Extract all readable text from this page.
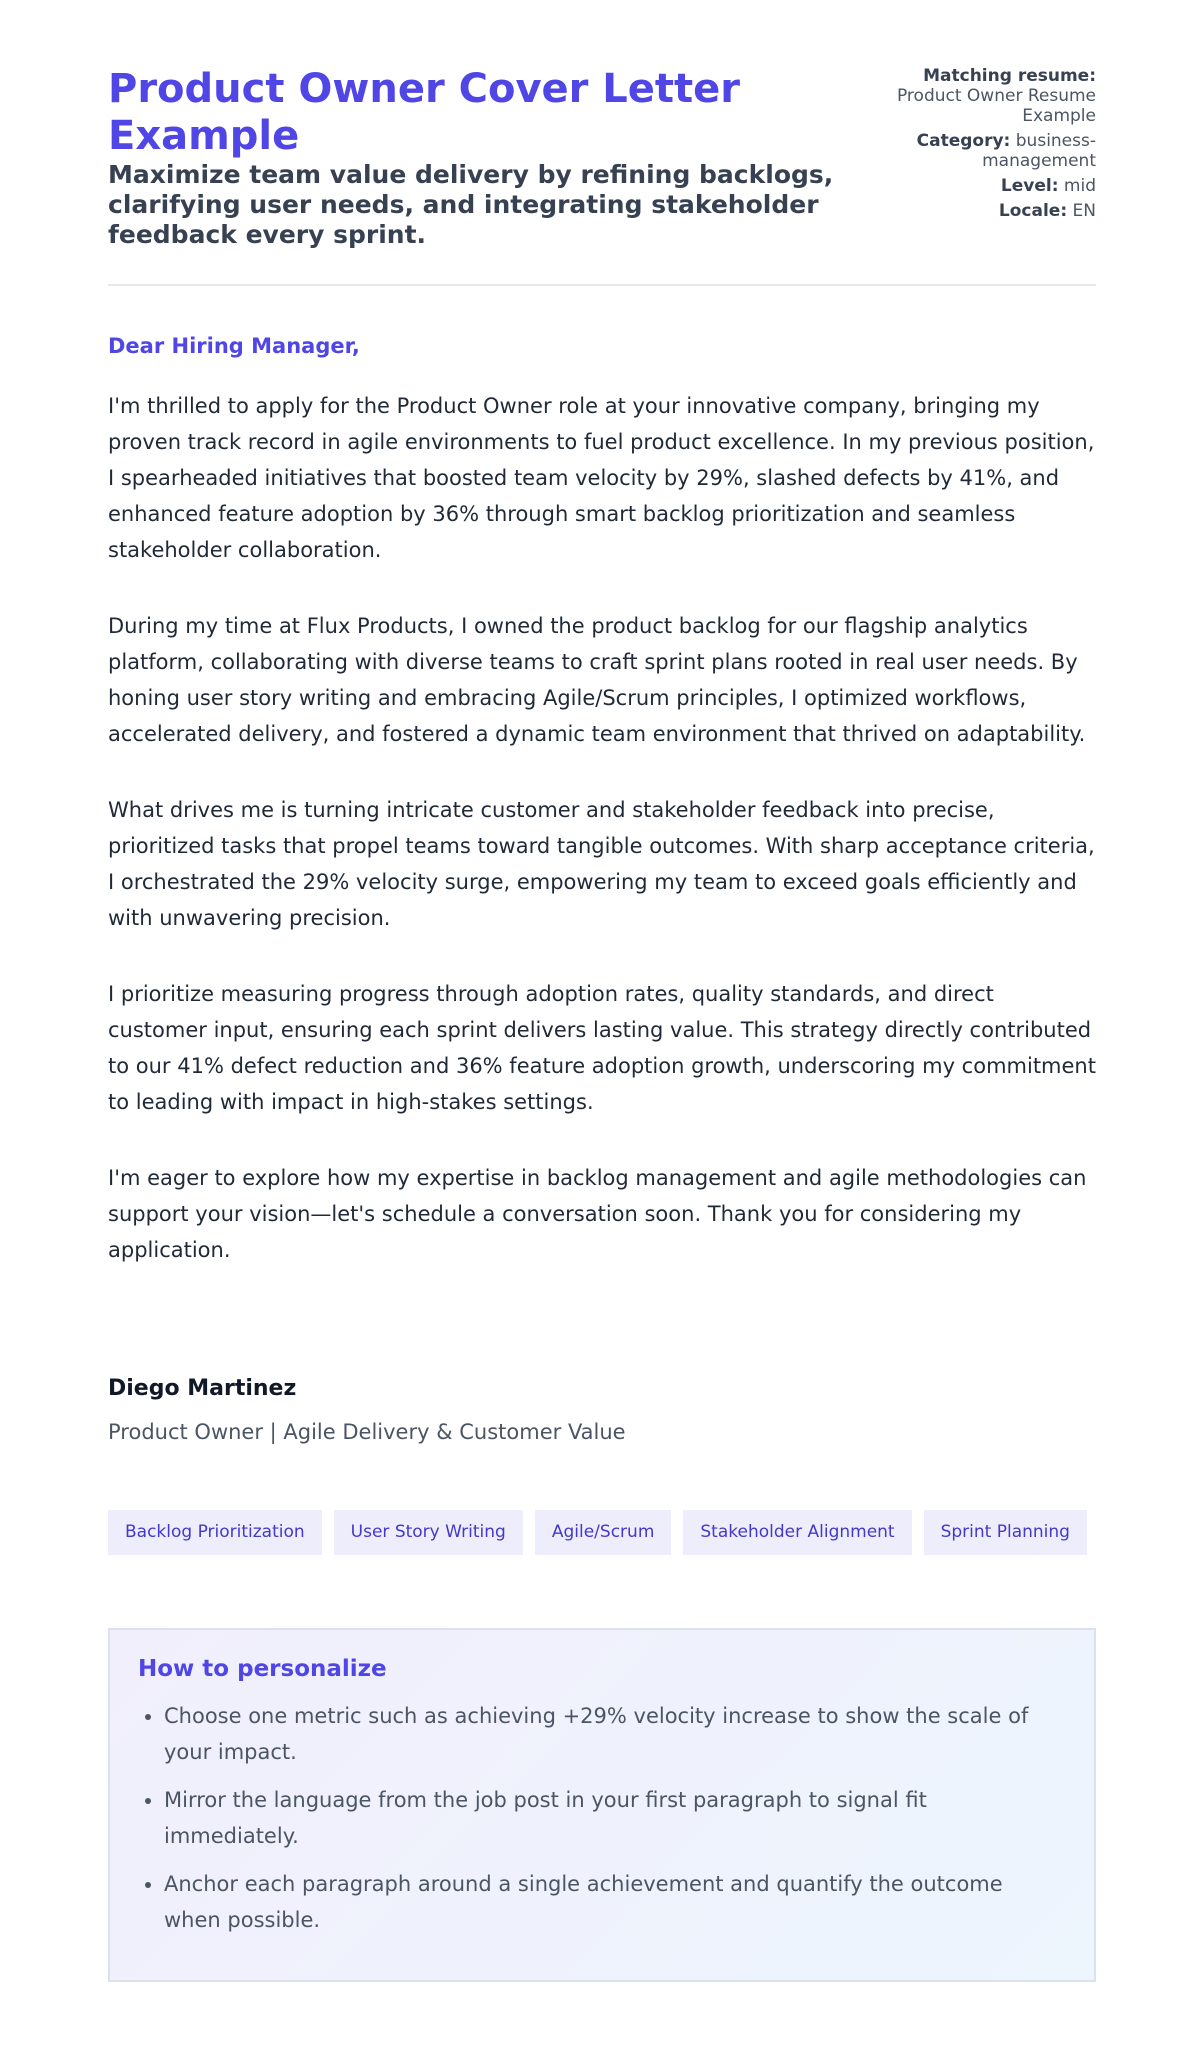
Product Owner Cover Letter Example
Maximize team value delivery by refining backlogs, clarifying user needs, and integrating stakeholder feedback every sprint.
Matching resume:
Product Owner Resume Example
Category: business-management
Level: mid
Locale: EN

Dear Hiring Manager,

I'm thrilled to apply for the Product Owner role at your innovative company, bringing my proven track record in agile environments to fuel product excellence. In my previous position, I spearheaded initiatives that boosted team velocity by 29%, slashed defects by 41%, and enhanced feature adoption by 36% through smart backlog prioritization and seamless stakeholder collaboration.

During my time at Flux Products, I owned the product backlog for our flagship analytics platform, collaborating with diverse teams to craft sprint plans rooted in real user needs. By honing user story writing and embracing Agile/Scrum principles, I optimized workflows, accelerated delivery, and fostered a dynamic team environment that thrived on adaptability.

What drives me is turning intricate customer and stakeholder feedback into precise, prioritized tasks that propel teams toward tangible outcomes. With sharp acceptance criteria, I orchestrated the 29% velocity surge, empowering my team to exceed goals efficiently and with unwavering precision.

I prioritize measuring progress through adoption rates, quality standards, and direct customer input, ensuring each sprint delivers lasting value. This strategy directly contributed to our 41% defect reduction and 36% feature adoption growth, underscoring my commitment to leading with impact in high-stakes settings.

I'm eager to explore how my expertise in backlog management and agile methodologies can support your vision—let's schedule a conversation soon. Thank you for considering my application.

Diego Martinez

Product Owner | Agile Delivery & Customer Value

Backlog Prioritization	User Story Writing	Agile/Scrum	Stakeholder Alignment	Sprint Planning
How to personalize
• Choose one metric such as achieving +29% velocity increase to show the scale of your impact.
• Mirror the language from the job post in your first paragraph to signal fit immediately.
• Anchor each paragraph around a single achievement and quantify the outcome when possible.
